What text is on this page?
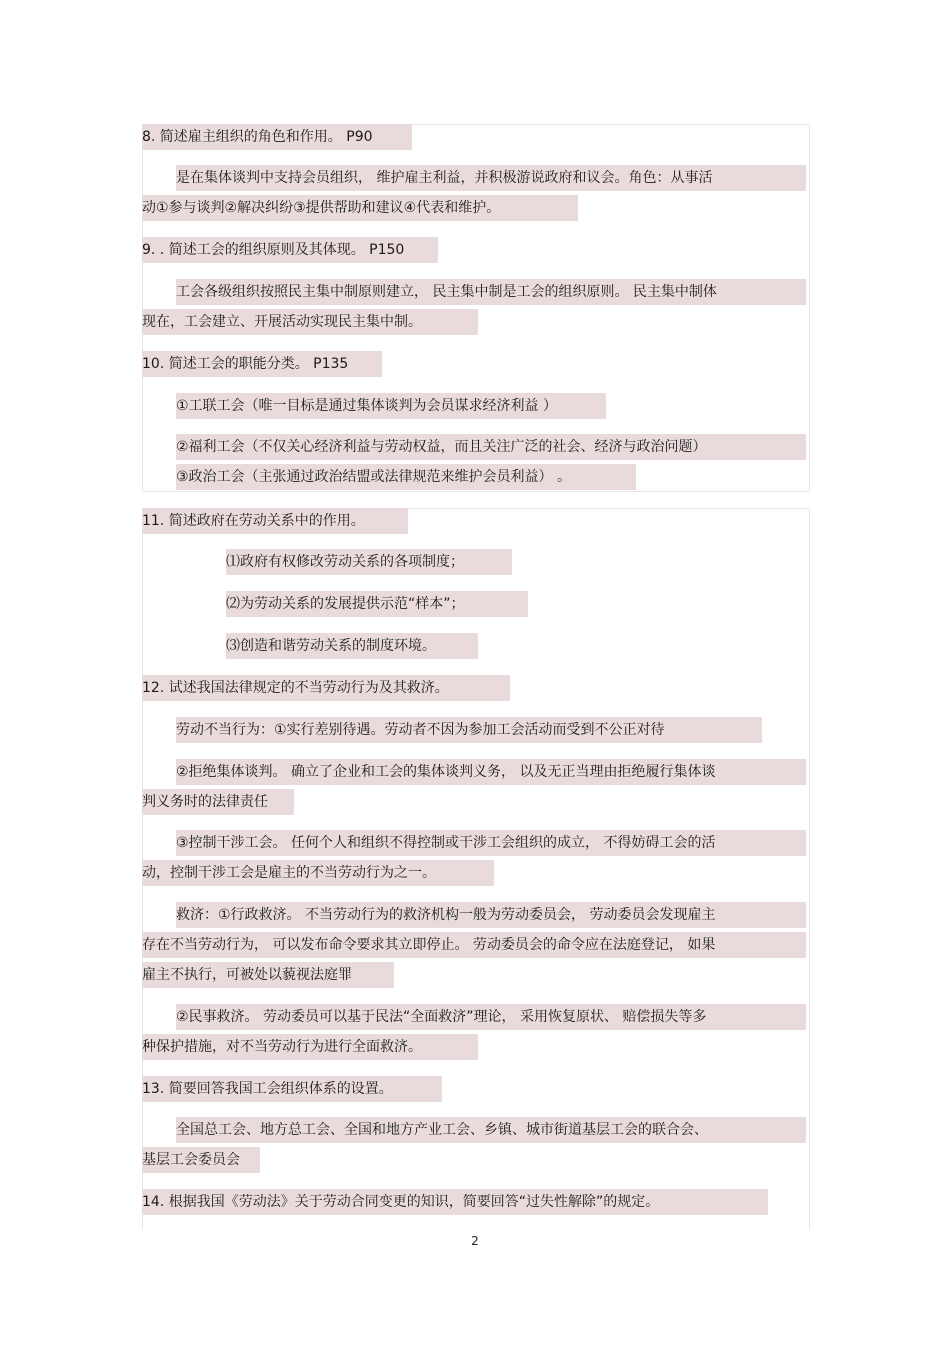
8. 简述雇主组织的角色和作用。 P90
是在集体谈判中支持会员组织， 维护雇主利益，并积极游说政府和议会。角色：从事活
动①参与谈判②解决纠纷③提供帮助和建议④代表和维护。
9. . 简述工会的组织原则及其体现。 P150
工会各级组织按照民主集中制原则建立， 民主集中制是工会的组织原则。 民主集中制体
现在，工会建立、开展活动实现民主集中制。
10. 简述工会的职能分类。 P135
①工联工会（唯一目标是通过集体谈判为会员谋求经济利益 ）
②福利工会（不仅关心经济利益与劳动权益，而且关注广泛的社会、经济与政治问题）
③政治工会（主张通过政治结盟或法律规范来维护会员利益） 。
11. 简述政府在劳动关系中的作用。
⑴政府有权修改劳动关系的各项制度；
⑵为劳动关系的发展提供示范“样本”；
⑶创造和谐劳动关系的制度环境。
12. 试述我国法律规定的不当劳动行为及其救济。
劳动不当行为：①实行差别待遇。劳动者不因为参加工会活动而受到不公正对待
②拒绝集体谈判。 确立了企业和工会的集体谈判义务， 以及无正当理由拒绝履行集体谈
判义务时的法律责任
③控制干涉工会。 任何个人和组织不得控制或干涉工会组织的成立， 不得妨碍工会的活
动，控制干涉工会是雇主的不当劳动行为之一。
救济：①行政救济。 不当劳动行为的救济机构一般为劳动委员会， 劳动委员会发现雇主
存在不当劳动行为， 可以发布命令要求其立即停止。 劳动委员会的命令应在法庭登记， 如果
雇主不执行，可被处以藐视法庭罪
②民事救济。 劳动委员可以基于民法“全面救济”理论， 采用恢复原状、 赔偿损失等多
种保护措施，对不当劳动行为进行全面救济。
13. 简要回答我国工会组织体系的设置。
全国总工会、地方总工会、全国和地方产业工会、乡镇、城市街道基层工会的联合会、
基层工会委员会
14. 根据我国《劳动法》关于劳动合同变更的知识，简要回答“过失性解除”的规定。
2
